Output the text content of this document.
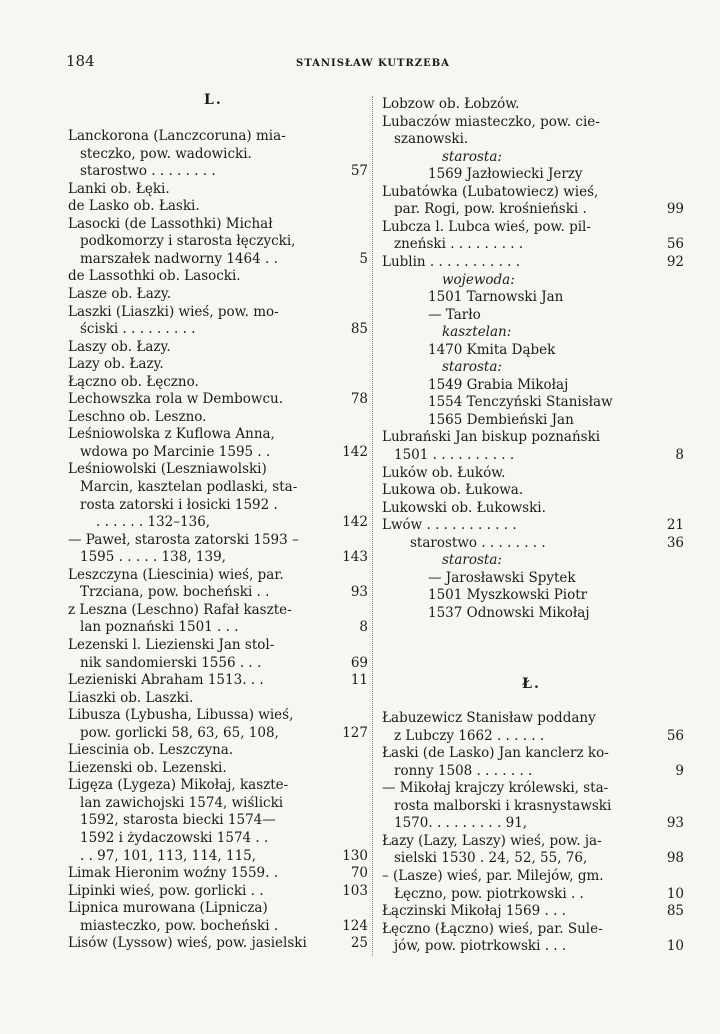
184	STANISŁAW KUTRZEBA
L.
Lanckorona (Lanczcoruna) mia-
steczko, pow. wadowicki.
starostwo . . . . . . . .	57
Lanki ob. Łęki.
de Lasko ob. Łaski.
Lasocki (de Lassothki) Michał
podkomorzy i starosta łęczycki,
marszałek nadworny 1464 . .	5
de Lassothki ob. Lasocki.
Lasze ob. Łazy.
Laszki (Liaszki) wieś, pow. mo-
ściski . . . . . . . . .	85
Laszy ob. Łazy.
Lazy ob. Łazy.
Łączno ob. Łęczno.
Lechowszka rola w Dembowcu.	78
Leschno ob. Leszno.
Leśniowolska z Kuflowa Anna,
wdowa po Marcinie 1595 . .	142
Leśniowolski (Leszniawolski)
Marcin, kasztelan podlaski, sta-
rosta zatorski i łosicki 1592 .
. . . . . . 132–136,	142
— Paweł, starosta zatorski 1593 –
1595 . . . . . 138, 139,	143
Leszczyna (Liescinia) wieś, par.
Trzciana, pow. bocheński . .	93
z Leszna (Leschno) Rafał kaszte-
lan poznański 1501 . . .	8
Lezenski l. Liezienski Jan stol-
nik sandomierski 1556 . . .	69
Lezieniski Abraham 1513. . .	11
Liaszki ob. Laszki.
Libusza (Lybusha, Libussa) wieś,
pow. gorlicki 58, 63, 65, 108,	127
Liescinia ob. Leszczyna.
Liezenski ob. Lezenski.
Ligęza (Lygeza) Mikołaj, kaszte-
lan zawichojski 1574, wiślicki
1592, starosta biecki 1574—
1592 i żydaczowski 1574 . .
. . 97, 101, 113, 114, 115,	130
Limak Hieronim woźny 1559. .	70
Lipinki wieś, pow. gorlicki . .	103
Lipnica murowana (Lipnicza)
miasteczko, pow. bocheński .	124
Lisów (Lyssow) wieś, pow. jasielski	25
Lobzow ob. Łobzów.
Lubaczów miasteczko, pow. cie-
szanowski.
starosta:
1569 Jazłowiecki Jerzy
Lubatówka (Lubatowiecz) wieś,
par. Rogi, pow. krośnieński .	99
Lubcza l. Lubca wieś, pow. pil-
zneński . . . . . . . . .	56
Lublin . . . . . . . . . . .	92
wojewoda:
1501 Tarnowski Jan
— Tarło
kasztelan:
1470 Kmita Dąbek
starosta:
1549 Grabia Mikołaj
1554 Tenczyński Stanisław
1565 Dembieński Jan
Lubrański Jan biskup poznański
1501 . . . . . . . . . .	8
Luków ob. Łuków.
Lukowa ob. Łukowa.
Lukowski ob. Łukowski.
Lwów . . . . . . . . . . .	21
starostwo . . . . . . . .	36
starosta:
— Jarosławski Spytek
1501 Myszkowski Piotr
1537 Odnowski Mikołaj
Ł.
Łabuzewicz Stanisław poddany
z Lubczy 1662 . . . . . .	56
Łaski (de Lasko) Jan kanclerz ko-
ronny 1508 . . . . . . .	9
— Mikołaj krajczy królewski, sta-
rosta malborski i krasnystawski
1570. . . . . . . . . 91,	93
Łazy (Lazy, Laszy) wieś, pow. ja-
sielski 1530 . 24, 52, 55, 76,	98
– (Lasze) wieś, par. Milejów, gm.
Łęczno, pow. piotrkowski . .	10
Łączinski Mikołaj 1569 . . .	85
Łęczno (Łączno) wieś, par. Sule-
jów, pow. piotrkowski . . .	10
